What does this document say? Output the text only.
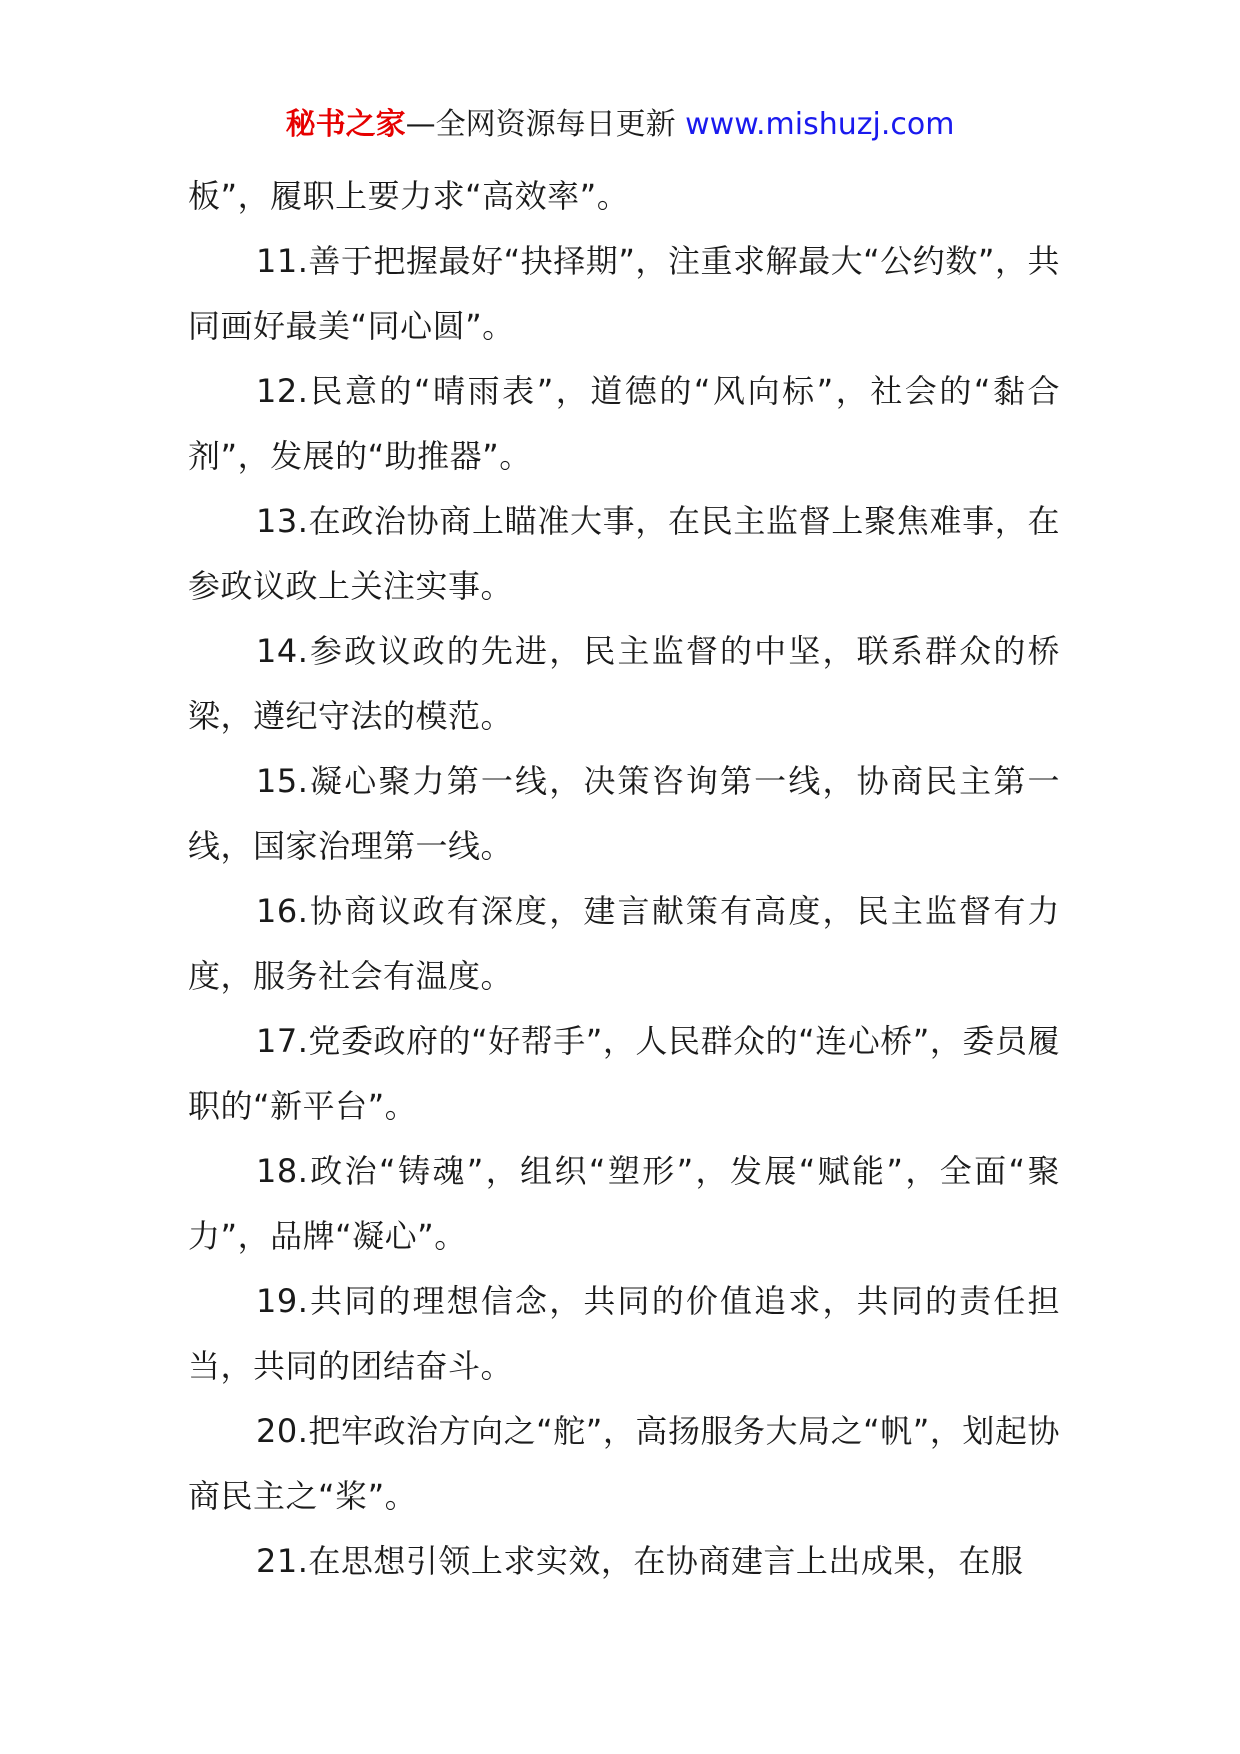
秘书之家—全网资源每日更新 www.mishuzj.com

板”，履职上要力求“高效率”。

11.善于把握最好“抉择期”，注重求解最大“公约数”，共同画好最美“同心圆”。

12.民意的“晴雨表”，道德的“风向标”，社会的“黏合剂”，发展的“助推器”。

13.在政治协商上瞄准大事，在民主监督上聚焦难事，在参政议政上关注实事。

14.参政议政的先进，民主监督的中坚，联系群众的桥梁，遵纪守法的模范。

15.凝心聚力第一线，决策咨询第一线，协商民主第一线，国家治理第一线。

16.协商议政有深度，建言献策有高度，民主监督有力度，服务社会有温度。

17.党委政府的“好帮手”，人民群众的“连心桥”，委员履职的“新平台”。

18.政治“铸魂”，组织“塑形”，发展“赋能”，全面“聚力”，品牌“凝心”。

19.共同的理想信念，共同的价值追求，共同的责任担当，共同的团结奋斗。

20.把牢政治方向之“舵”，高扬服务大局之“帆”，划起协商民主之“桨”。

21.在思想引领上求实效，在协商建言上出成果，在服
